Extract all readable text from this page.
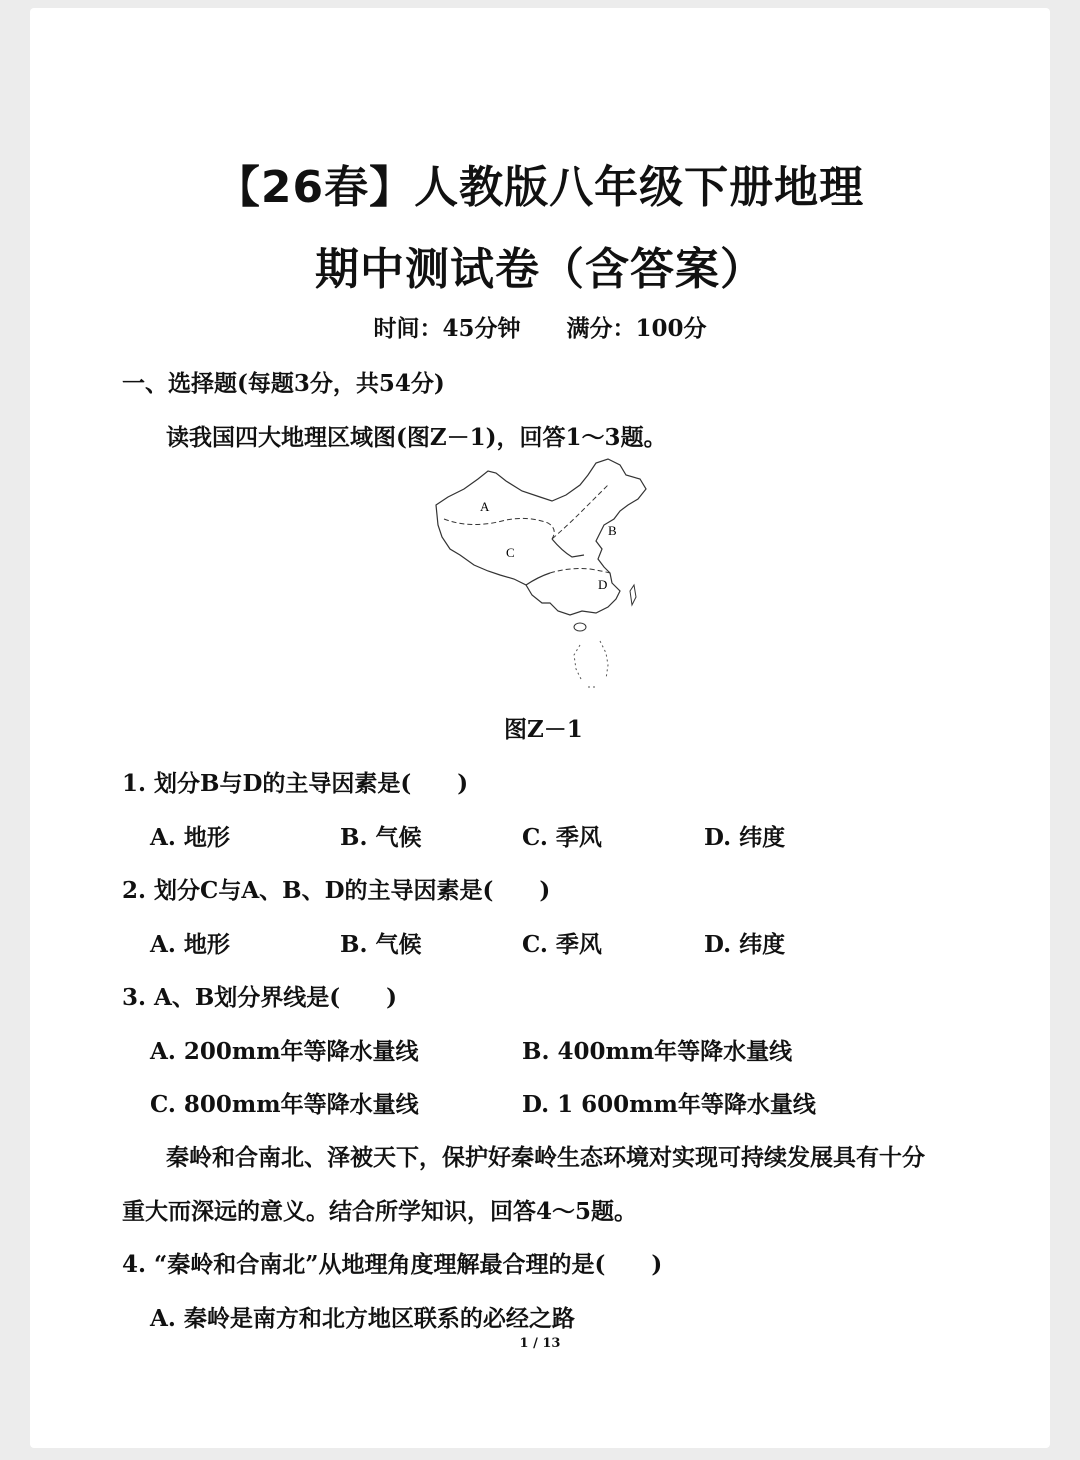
【26春】人教版八年级下册地理
期中测试卷（含答案）
时间：45分钟 满分：100分
一、选择题(每题3分，共54分)
读我国四大地理区域图(图Z－1)，回答1～3题。
A
B
C
D
图Z－1
1. 划分B与D的主导因素是(　　)
A. 地形	B. 气候	C. 季风	D. 纬度
2. 划分C与A、B、D的主导因素是(　　)
A. 地形	B. 气候	C. 季风	D. 纬度
3. A、B划分界线是(　　)
A. 200mm年等降水量线	B. 400mm年等降水量线
C. 800mm年等降水量线	D. 1 600mm年等降水量线
秦岭和合南北、泽被天下，保护好秦岭生态环境对实现可持续发展具有十分
重大而深远的意义。结合所学知识，回答4～5题。
4. “秦岭和合南北”从地理角度理解最合理的是(　　)
A. 秦岭是南方和北方地区联系的必经之路
1 / 13
